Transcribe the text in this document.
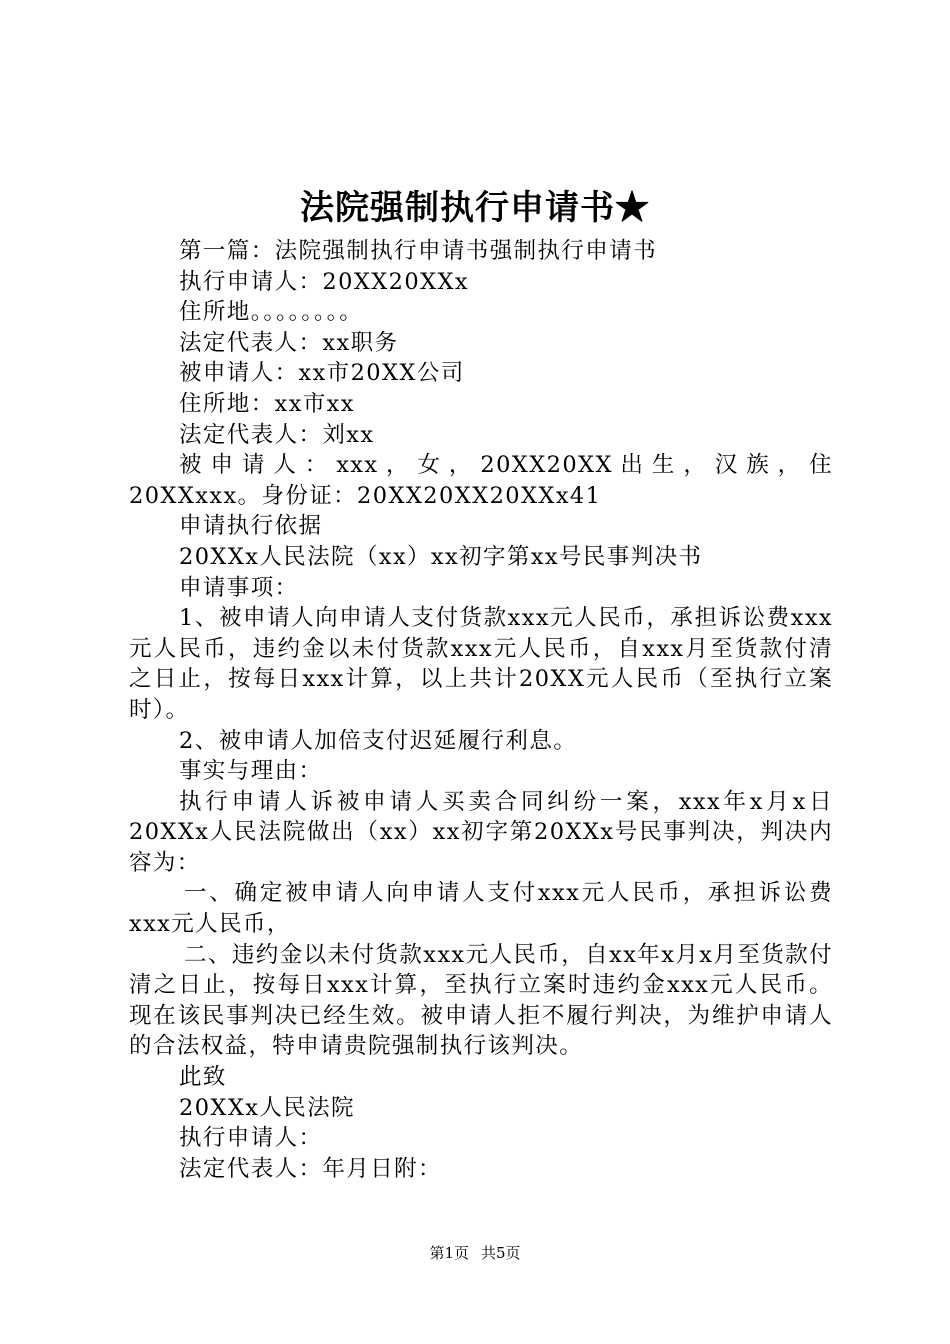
法院强制执行申请书★

第一篇：法院强制执行申请书强制执行申请书

执行申请人：20XX20XXx

住所地。。。。。。。。

法定代表人：xx职务

被申请人：xx市20XX公司

住所地：xx市xx

法定代表人：刘xx

被申请人：xxx，女，20XX20XX出生，汉族，住20XXxxx。身份证：20XX20XX20XXx41

申请执行依据

20XXx人民法院（xx）xx初字第xx号民事判决书

申请事项：

1、被申请人向申请人支付货款xxx元人民币，承担诉讼费xxx元人民币，违约金以未付货款xxx元人民币，自xxx月至货款付清之日止，按每日xxx计算，以上共计20XX元人民币（至执行立案时）。

2、被申请人加倍支付迟延履行利息。

事实与理由：

执行申请人诉被申请人买卖合同纠纷一案，xxx年x月x日20XXx人民法院做出（xx）xx初字第20XXx号民事判决，判决内容为：

一、确定被申请人向申请人支付xxx元人民币，承担诉讼费xxx元人民币，

二、违约金以未付货款xxx元人民币，自xx年x月x月至货款付清之日止，按每日xxx计算，至执行立案时违约金xxx元人民币。现在该民事判决已经生效。被申请人拒不履行判决，为维护申请人的合法权益，特申请贵院强制执行该判决。

此致

20XXx人民法院

执行申请人：

法定代表人：年月日附：

第1页 共5页
